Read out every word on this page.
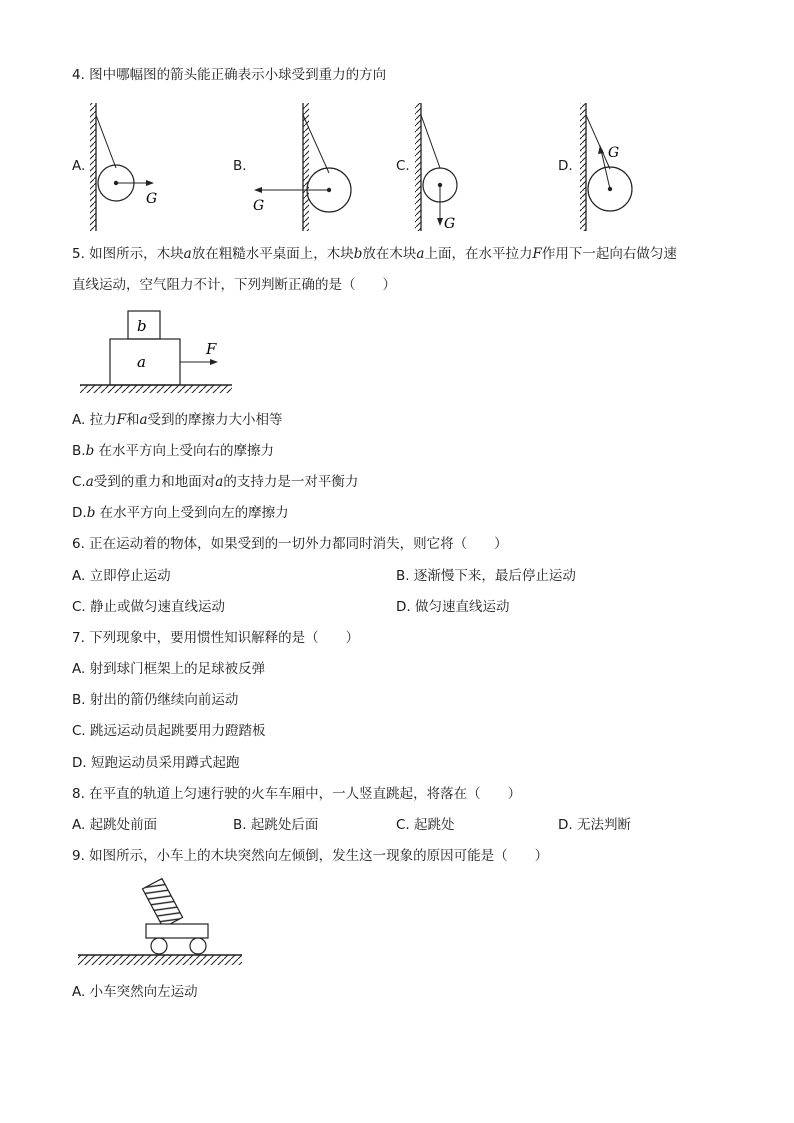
4. 图中哪幅图的箭头能正确表示小球受到重力的方向
G
A.
G
B.
G
C.
G
D.
5. 如图所示，木块a放在粗糙水平桌面上，木块b放在木块a上面，在水平拉力F作用下一起向右做匀速
直线运动，空气阻力不计，下列判断正确的是（　　）
b
a
F
A. 拉力F和a受到的摩擦力大小相等
B.b 在水平方向上受向右的摩擦力
C.a受到的重力和地面对a的支持力是一对平衡力
D.b 在水平方向上受到向左的摩擦力
6. 正在运动着的物体，如果受到的一切外力都同时消失，则它将（　　）
A. 立即停止运动	B. 逐渐慢下来，最后停止运动
C. 静止或做匀速直线运动	D. 做匀速直线运动
7. 下列现象中，要用惯性知识解释的是（　　）
A. 射到球门框架上的足球被反弹
B. 射出的箭仍继续向前运动
C. 跳远运动员起跳要用力蹬踏板
D. 短跑运动员采用蹲式起跑
8. 在平直的轨道上匀速行驶的火车车厢中，一人竖直跳起，将落在（　　）
A. 起跳处前面	B. 起跳处后面	C. 起跳处	D. 无法判断
9. 如图所示，小车上的木块突然向左倾倒，发生这一现象的原因可能是（　　）
A. 小车突然向左运动
